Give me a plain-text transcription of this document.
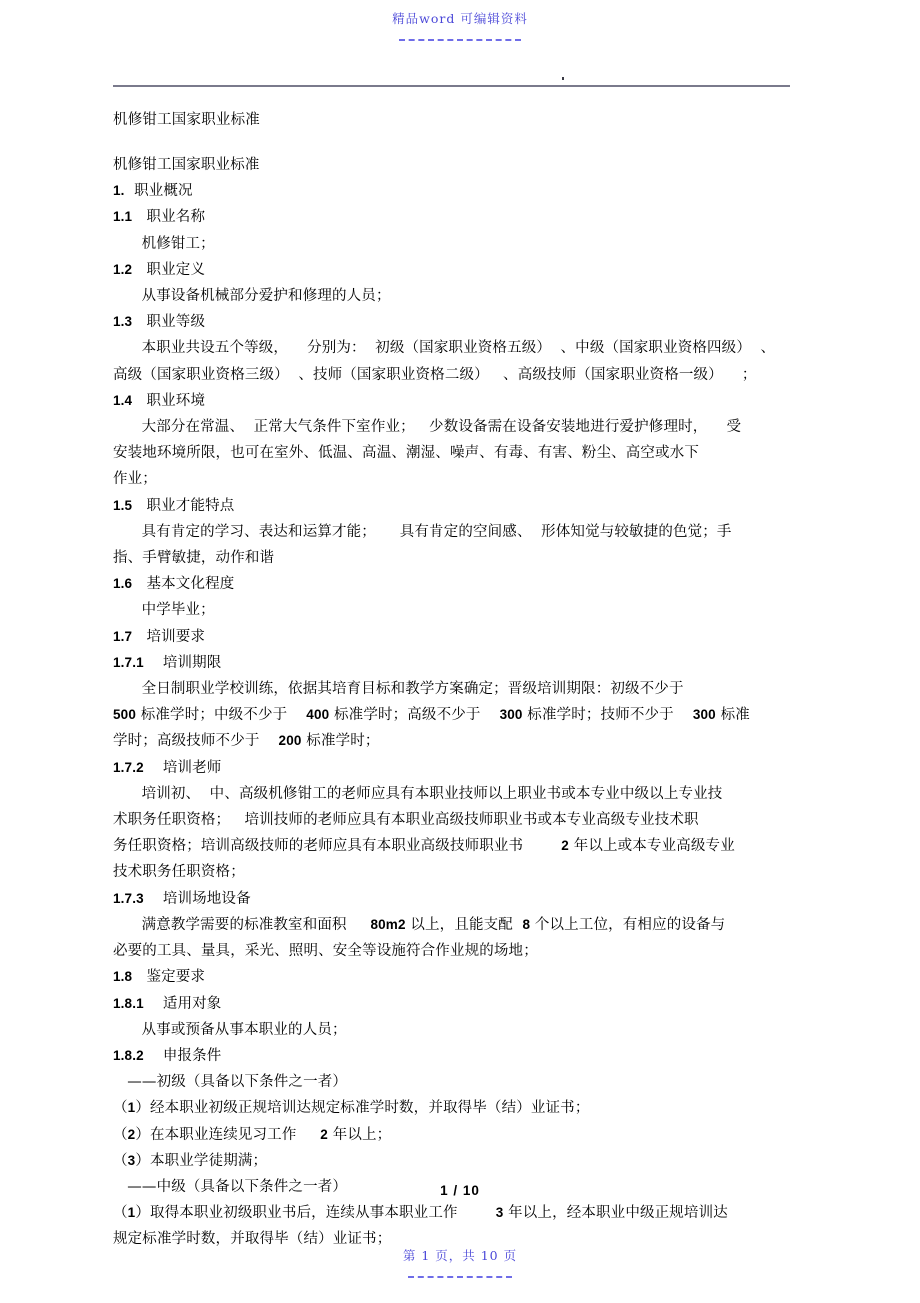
精品word 可编辑资料
机修钳工国家职业标准

机修钳工国家职业标准

1.  职业概况

1.1   职业名称

机修钳工；

1.2   职业定义

从事设备机械部分爱护和修理的人员；

1.3   职业等级

本职业共设五个等级，    分别为：  初级（国家职业资格五级）  、中级（国家职业资格四级）  、

高级（国家职业资格三级）  、技师（国家职业资格二级）   、高级技师（国家职业资格一级）    ；

1.4   职业环境

大部分在常温、  正常大气条件下室作业；   少数设备需在设备安装地进行爱护修理时，    受

安装地环境所限，也可在室外、低温、高温、潮湿、噪声、有毒、有害、粉尘、高空或水下

作业；

1.5   职业才能特点

具有肯定的学习、表达和运算才能；     具有肯定的空间感、  形体知觉与较敏捷的色觉；手

指、手臂敏捷，动作和谐

1.6   基本文化程度

中学毕业；

1.7   培训要求

1.7.1    培训期限

全日制职业学校训练，依据其培育目标和教学方案确定；晋级培训期限：初级不少于

500 标准学时；中级不少于    400 标准学时；高级不少于    300 标准学时；技师不少于    300 标准

学时；高级技师不少于    200 标准学时；

1.7.2    培训老师

培训初、  中、高级机修钳工的老师应具有本职业技师以上职业书或本专业中级以上专业技

术职务任职资格；   培训技师的老师应具有本职业高级技师职业书或本专业高级专业技术职

务任职资格；培训高级技师的老师应具有本职业高级技师职业书        2 年以上或本专业高级专业

技术职务任职资格；

1.7.3    培训场地设备

满意教学需要的标准教室和面积     80m2 以上，且能支配  8 个以上工位，有相应的设备与

必要的工具、量具，采光、照明、安全等设施符合作业规的场地；

1.8   鉴定要求

1.8.1    适用对象

从事或预备从事本职业的人员；

1.8.2    申报条件

——初级（具备以下条件之一者）

（1）经本职业初级正规培训达规定标准学时数，并取得毕（结）业证书；

（2）在本职业连续见习工作     2 年以上；

（3）本职业学徒期满；

——中级（具备以下条件之一者）

（1）取得本职业初级职业书后，连续从事本职业工作        3 年以上，经本职业中级正规培训达

规定标准学时数，并取得毕（结）业证书；

1 / 10
第 1 页，共 10 页
